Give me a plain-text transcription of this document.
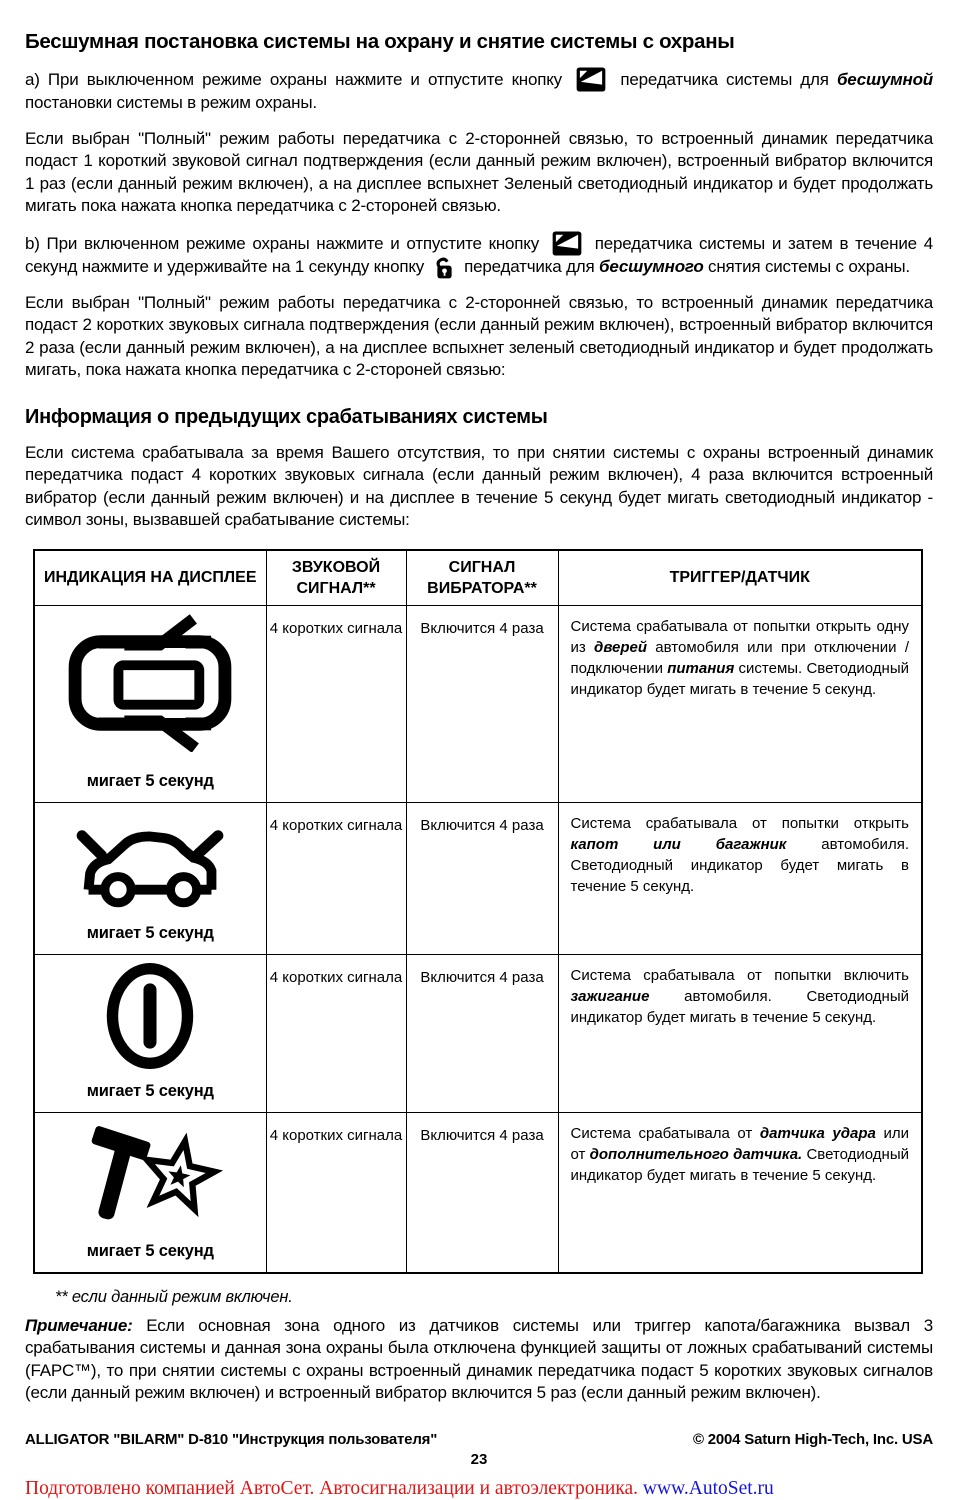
Бесшумная постановка системы на охрану и снятие системы с охраны

a) При выключенном режиме охраны нажмите и отпустите кнопку	передатчика системы для бесшумной постановки системы в режим охраны.

Если выбран "Полный" режим работы передатчика с 2-сторонней связью, то встроенный динамик передатчика подаст 1 короткий звуковой сигнал подтверждения (если данный режим включен), встроенный вибратор включится 1 раз (если данный режим включен), а на дисплее вспыхнет Зеленый светодиодный индикатор и будет продолжать мигать пока нажата кнопка передатчика с 2-стороней связью.

b) При включенном режиме охраны нажмите и отпустите кнопку	передатчика системы и затем в течение 4 секунд нажмите и удерживайте на 1 секунду кнопку  передатчика для бесшумного снятия системы с охраны.

Если выбран "Полный" режим работы передатчика с 2-сторонней связью, то встроенный динамик передатчика подаст 2 коротких звуковых сигнала подтверждения (если данный режим включен), встроенный вибратор включится 2 раза (если данный режим включен), а на дисплее вспыхнет зеленый светодиодный индикатор и будет продолжать мигать, пока нажата кнопка передатчика с 2-стороней связью:

Информация о предыдущих срабатываниях системы

Если система срабатывала за время Вашего отсутствия, то при снятии системы с охраны встроенный динамик передатчика подаст 4 коротких звуковых сигнала (если данный режим включен), 4 раза включится встроенный вибратор (если данный режим включен) и на дисплее в течение 5 секунд будет мигать светодиодный индикатор - символ зоны, вызвавшей срабатывание системы:

ИНДИКАЦИЯ НА ДИСПЛЕЕ	ЗВУКОВОЙ СИГНАЛ**	СИГНАЛ ВИБРАТОРА**	ТРИГГЕР/ДАТЧИК

мигает 5 секунд	4 коротких сигнала	Включится 4 раза	Система срабатывала от попытки открыть одну из дверей автомобиля или при отключении / подключении питания системы. Светодиодный индикатор будет мигать в течение 5 секунд.

мигает 5 секунд	4 коротких сигнала	Включится 4 раза	Система срабатывала от попытки открыть капот или багажник автомобиля. Светодиодный индикатор будет мигать в течение 5 секунд.

мигает 5 секунд	4 коротких сигнала	Включится 4 раза	Система срабатывала от попытки включить зажигание автомобиля. Светодиодный индикатор будет мигать в течение 5 секунд.

мигает 5 секунд	4 коротких сигнала	Включится 4 раза	Система срабатывала от датчика удара или от дополнительного датчика. Светодиодный индикатор будет мигать в течение 5 секунд.
** если данный режим включен.

Примечание: Если основная зона одного из датчиков системы или триггер капота/багажника вызвал 3 срабатывания системы и данная зона охраны была отключена функцией защиты от ложных срабатываний системы (FAPC™), то при снятии системы с охраны встроенный динамик передатчика подаст 5 коротких звуковых сигналов (если данный режим включен) и встроенный вибратор включится 5 раз (если данный режим включен).

ALLIGATOR "BILARM" D-810 "Инструкция пользователя"	© 2004 Saturn High-Tech, Inc. USA
23
Подготовлено компанией АвтоСет. Автосигнализации и автоэлектроника. www.AutoSet.ru
